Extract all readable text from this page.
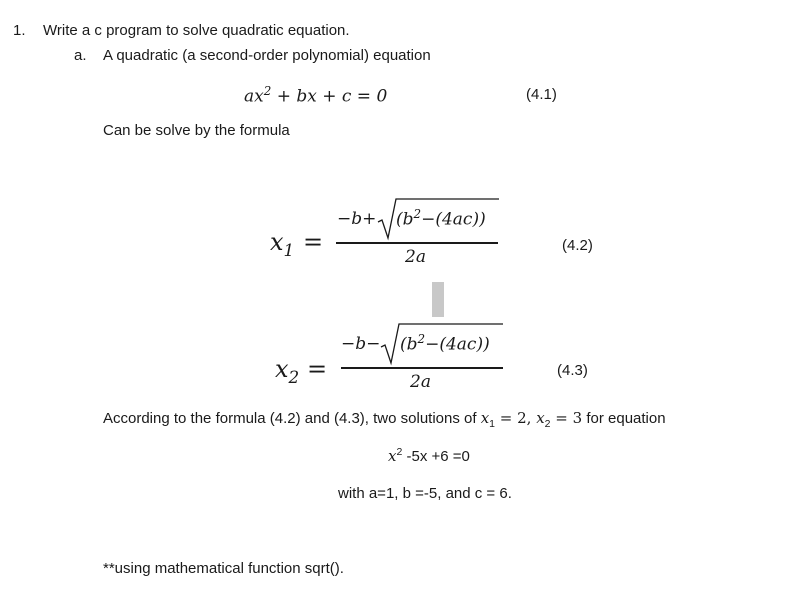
1. Write a c program to solve quadratic equation.
a. A quadratic (a second-order polynomial) equation
$ax^2$ + bx + c = 0	(4.1)
Can be solve by the formula
$x_1$ =
$-b+ (b^2-(4ac))$
2a
(4.2)
$x_2$ =
$-b- (b^2-(4ac))$
2a
(4.3)
According to the formula (4.2) and (4.3), two solutions of $x_1 = 2$, $x_2 = 3$ for equation
$x^2$ -5x +6 =0
with a=1, b =-5, and c = 6.
**using mathematical function sqrt().
